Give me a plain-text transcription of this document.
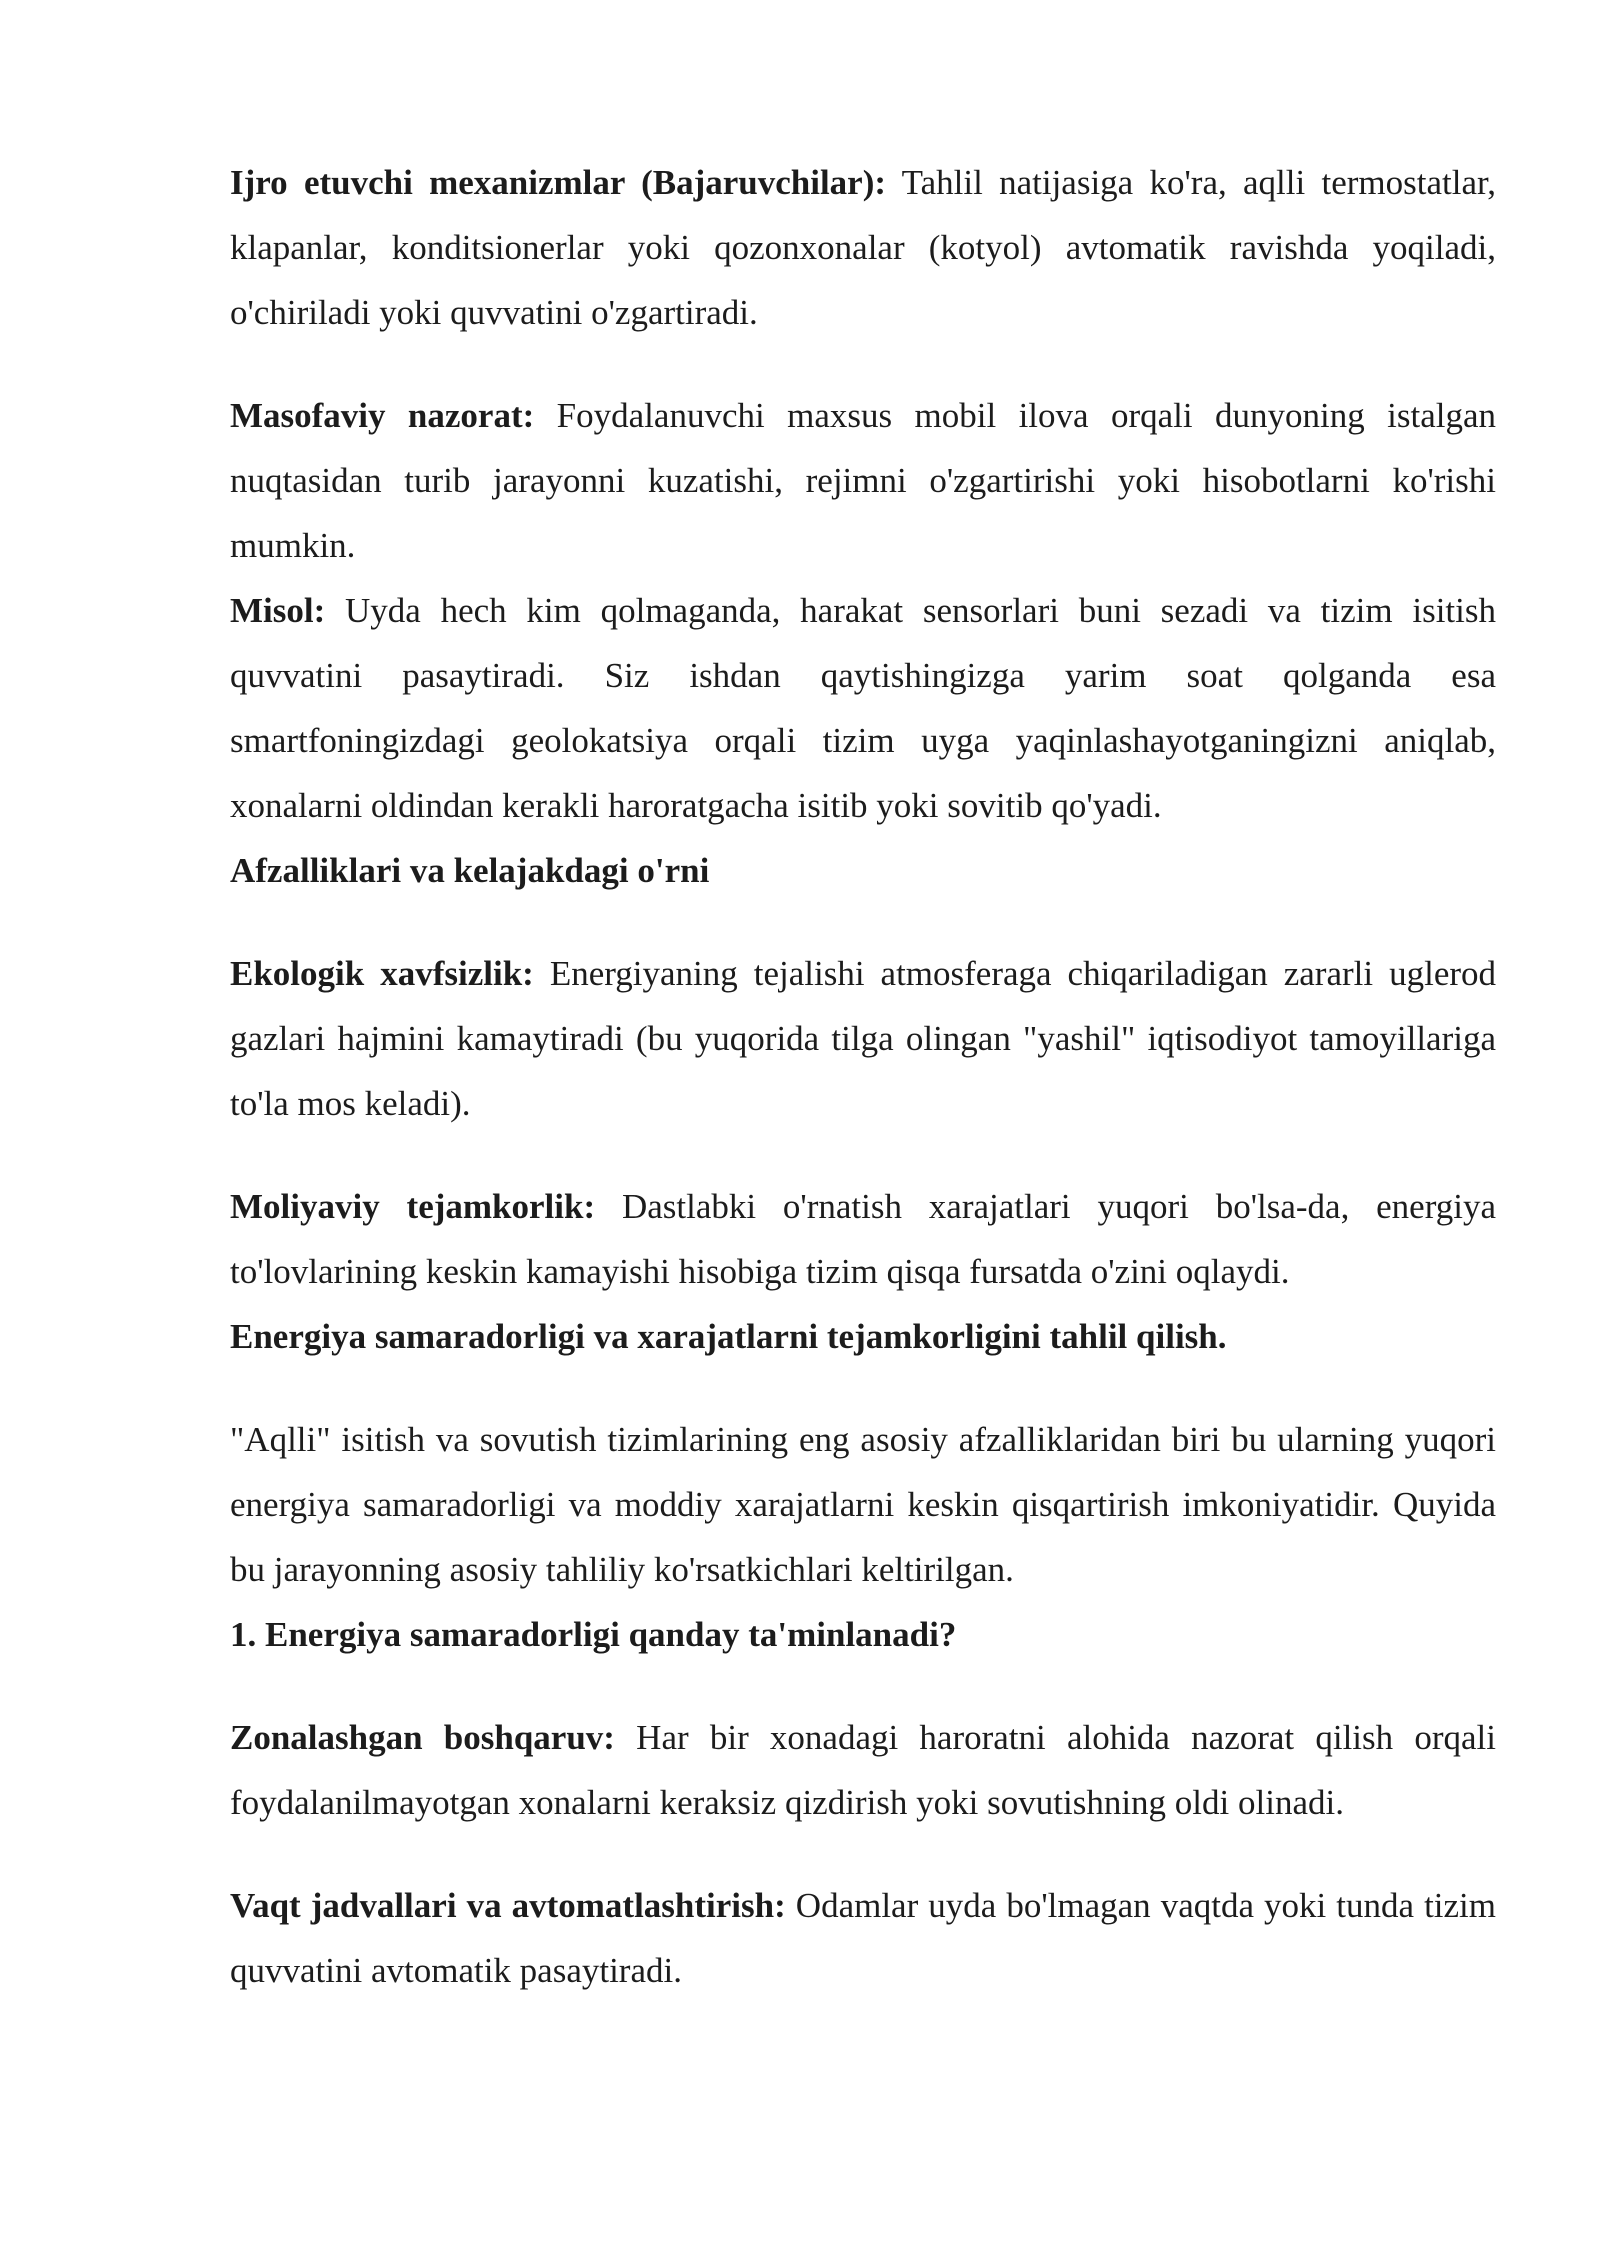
Ijro etuvchi mexanizmlar (Bajaruvchilar): Tahlil natijasiga ko'ra, aqlli termostatlar, klapanlar, konditsionerlar yoki qozonxonalar (kotyol) avtomatik ravishda yoqiladi, o'chiriladi yoki quvvatini o'zgartiradi.

Masofaviy nazorat: Foydalanuvchi maxsus mobil ilova orqali dunyoning istalgan nuqtasidan turib jarayonni kuzatishi, rejimni o'zgartirishi yoki hisobotlarni ko'rishi mumkin.

Misol: Uyda hech kim qolmaganda, harakat sensorlari buni sezadi va tizim isitish quvvatini pasaytiradi. Siz ishdan qaytishingizga yarim soat qolganda esa smartfoningizdagi geolokatsiya orqali tizim uyga yaqinlashayotganingizni aniqlab, xonalarni oldindan kerakli haroratgacha isitib yoki sovitib qo'yadi.

Afzalliklari va kelajakdagi o'rni

Ekologik xavfsizlik: Energiyaning tejalishi atmosferaga chiqariladigan zararli uglerod gazlari hajmini kamaytiradi (bu yuqorida tilga olingan "yashil" iqtisodiyot tamoyillariga to'la mos keladi).

Moliyaviy tejamkorlik: Dastlabki o'rnatish xarajatlari yuqori bo'lsa-da, energiya to'lovlarining keskin kamayishi hisobiga tizim qisqa fursatda o'zini oqlaydi.

Energiya samaradorligi va xarajatlarni tejamkorligini tahlil qilish.

"Aqlli" isitish va sovutish tizimlarining eng asosiy afzalliklaridan biri bu ularning yuqori energiya samaradorligi va moddiy xarajatlarni keskin qisqartirish imkoniyatidir. Quyida bu jarayonning asosiy tahliliy ko'rsatkichlari keltirilgan.

1. Energiya samaradorligi qanday ta'minlanadi?

Zonalashgan boshqaruv: Har bir xonadagi haroratni alohida nazorat qilish orqali foydalanilmayotgan xonalarni keraksiz qizdirish yoki sovutishning oldi olinadi.

Vaqt jadvallari va avtomatlashtirish: Odamlar uyda bo'lmagan vaqtda yoki tunda tizim quvvatini avtomatik pasaytiradi.
